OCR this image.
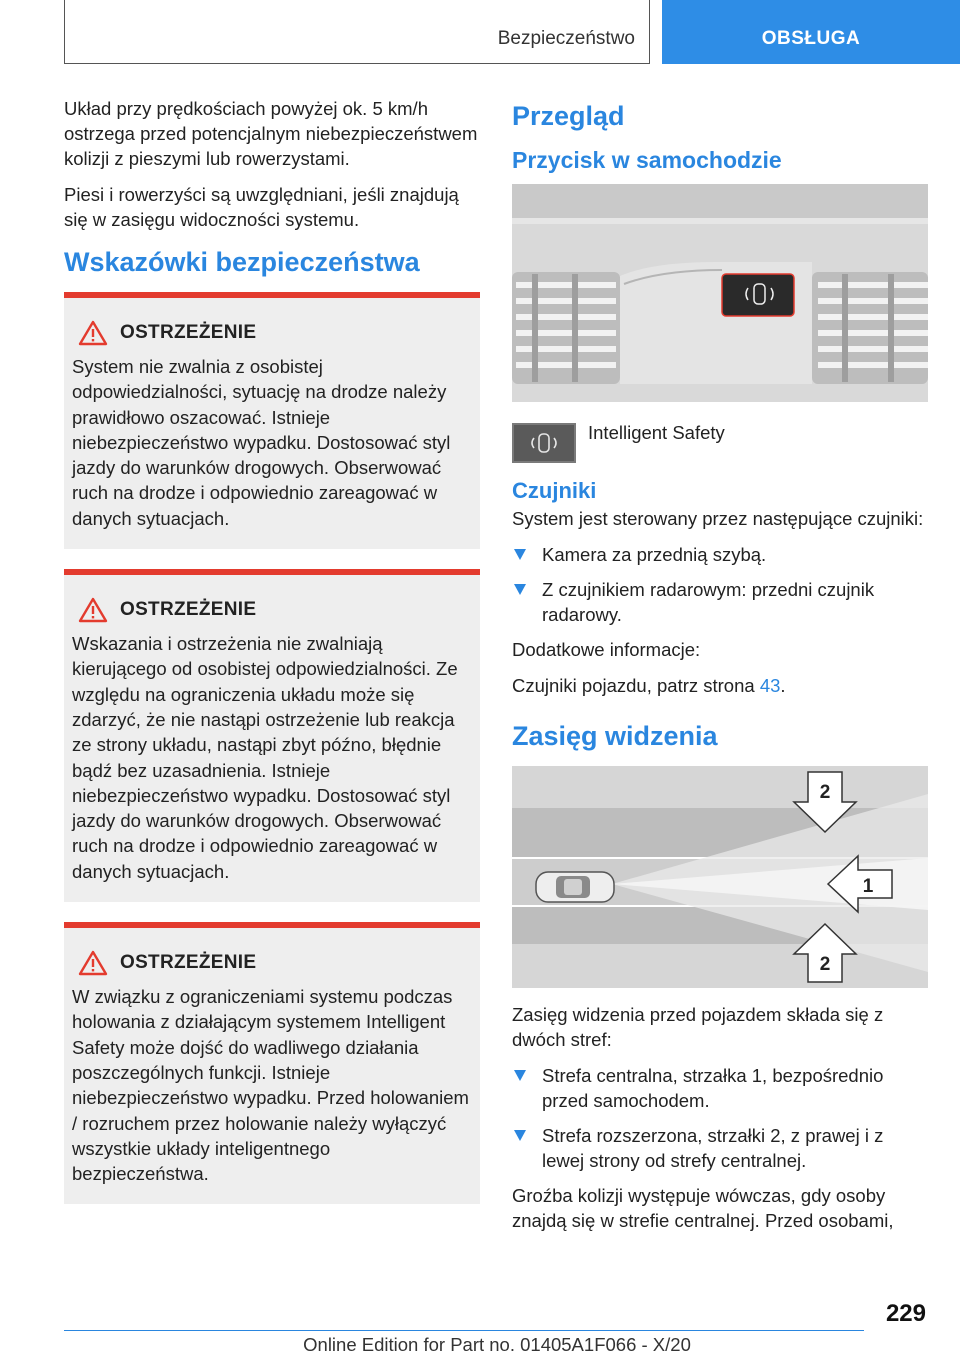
Bezpieczeństwo	OBSŁUGA

Układ przy prędkościach powyżej ok. 5 km/h ostrzega przed potencjalnym niebezpieczeństwem kolizji z pieszymi lub rowerzystami.

Piesi i rowerzyści są uwzględniani, jeśli znajdują się w zasięgu widoczności systemu.

Wskazówki bezpieczeństwa
OSTRZEŻENIE
System nie zwalnia z osobistej odpowiedzialności, sytuację na drodze należy prawidłowo oszacować. Istnieje niebezpieczeństwo wypadku. Dostosować styl jazdy do warunków drogowych. Obserwować ruch na drodze i odpowiednio zareagować w danych sytuacjach.
OSTRZEŻENIE
Wskazania i ostrzeżenia nie zwalniają kierującego od osobistej odpowiedzialności. Ze względu na ograniczenia układu może się zdarzyć, że nie nastąpi ostrzeżenie lub reakcja ze strony układu, nastąpi zbyt późno, błędnie bądź bez uzasadnienia. Istnieje niebezpieczeństwo wypadku. Dostosować styl jazdy do warunków drogowych. Obserwować ruch na drodze i odpowiednio zareagować w danych sytuacjach.
OSTRZEŻENIE
W związku z ograniczeniami systemu podczas holowania z działającym systemem Intelligent Safety może dojść do wadliwego działania poszczególnych funkcji. Istnieje niebezpieczeństwo wypadku. Przed holowaniem / rozruchem przez holowanie należy wyłączyć wszystkie układy inteligentnego bezpieczeństwa.
Przegląd
Przycisk w samochodzie
Intelligent Safety
Czujniki

System jest sterowany przez następujące czujniki:

Kamera za przednią szybą.
Z czujnikiem radarowym: przedni czujnik radarowy.

Dodatkowe informacje:

Czujniki pojazdu, patrz strona 43.

Zasięg widzenia
2
1
2

Zasięg widzenia przed pojazdem składa się z dwóch stref:

Strefa centralna, strzałka 1, bezpośrednio przed samochodem.
Strefa rozszerzona, strzałki 2, z prawej i z lewej strony od strefy centralnej.

Groźba kolizji występuje wówczas, gdy osoby znajdą się w strefie centralnej. Przed osobami,

229
Online Edition for Part no. 01405A1F066 - X/20
